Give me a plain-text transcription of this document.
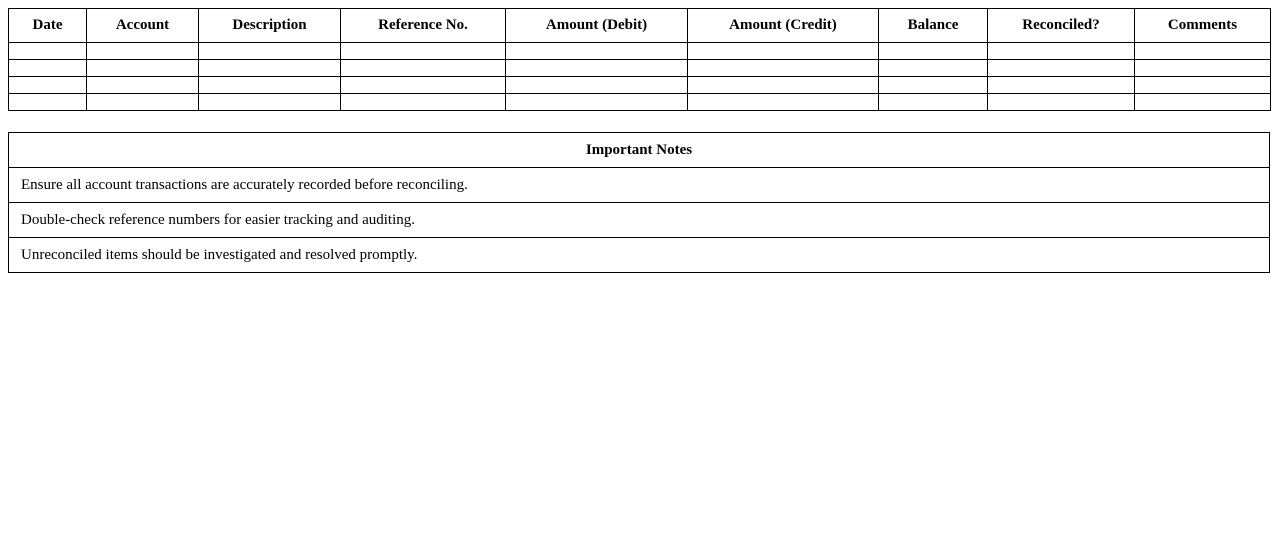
Date	Account	Description	Reference No.	Amount (Debit)	Amount (Credit)	Balance	Reconciled?	Comments

Important Notes
Ensure all account transactions are accurately recorded before reconciling.
Double-check reference numbers for easier tracking and auditing.
Unreconciled items should be investigated and resolved promptly.
